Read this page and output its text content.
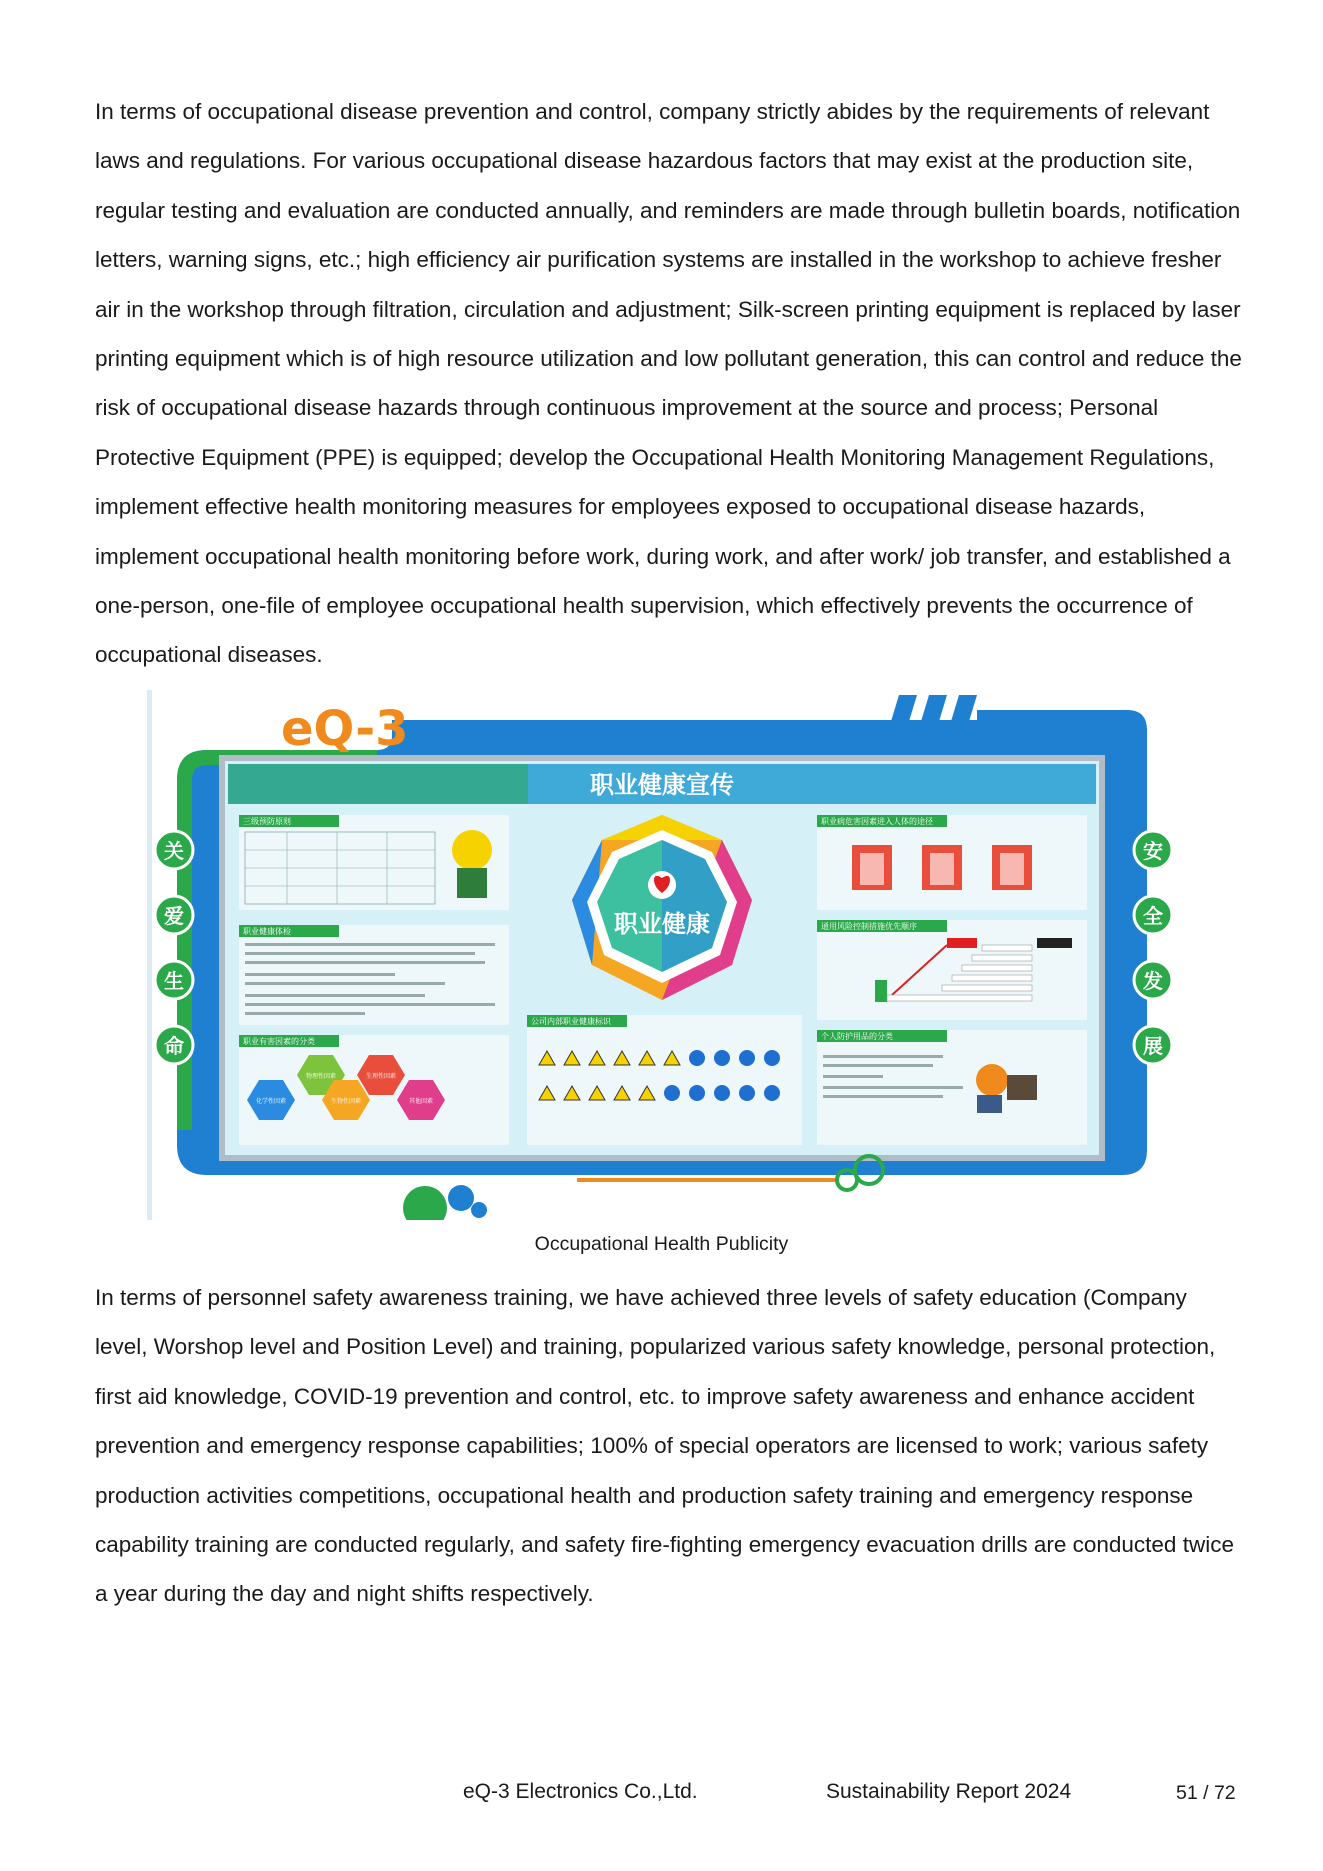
In terms of occupational disease prevention and control, company strictly abides by the requirements of relevant laws and regulations. For various occupational disease hazardous factors that may exist at the production site, regular testing and evaluation are conducted annually, and reminders are made through bulletin boards, notification letters, warning signs, etc.; high efficiency air purification systems are installed in the workshop to achieve fresher air in the workshop through filtration, circulation and adjustment; Silk-screen printing equipment is replaced by laser printing equipment which is of high resource utilization and low pollutant generation, this can control and reduce the risk of occupational disease hazards through continuous improvement at the source and process; Personal Protective Equipment (PPE) is equipped; develop the Occupational Health Monitoring Management Regulations, implement effective health monitoring measures for employees exposed to occupational disease hazards, implement occupational health monitoring before work, during work, and after work/ job transfer, and established a one-person, one-file of employee occupational health supervision, which effectively prevents the occurrence of occupational diseases.

eQ-3
职业健康宣传
关
爱
生
命
安
全
发
展
三级预防原则
职业健康体检
职业有害因素的分类
化学性因素
物理性因素
生物性因素
生理性因素
其他因素
职业健康
公司内部职业健康标识
职业病危害因素进入人体的途径
通用风险控制措施优先顺序
个人防护用品的分类
Occupational Health Publicity

In terms of personnel safety awareness training, we have achieved three levels of safety education (Company level, Worshop level and Position Level) and training, popularized various safety knowledge, personal protection, first aid knowledge, COVID-19 prevention and control, etc. to improve safety awareness and enhance accident prevention and emergency response capabilities; 100% of special operators are licensed to work; various safety production activities competitions, occupational health and production safety training and emergency response capability training are conducted regularly, and safety fire-fighting emergency evacuation drills are conducted twice a year during the day and night shifts respectively.

eQ-3 Electronics Co.,Ltd.	Sustainability Report 2024	51 / 72
